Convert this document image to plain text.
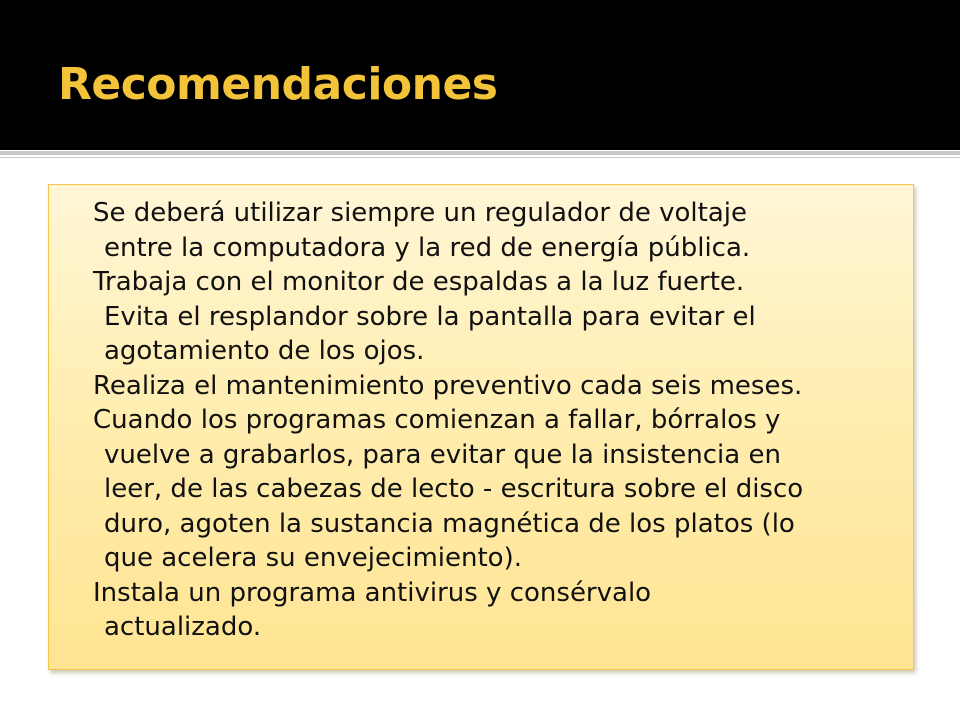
Recomendaciones

Se deberá utilizar siempre un regulador de voltaje
entre la computadora y la red de energía pública.

Trabaja con el monitor de espaldas a la luz fuerte.
Evita el resplandor sobre la pantalla para evitar el
agotamiento de los ojos.

Realiza el mantenimiento preventivo cada seis meses.

Cuando los programas comienzan a fallar, bórralos y
vuelve a grabarlos, para evitar que la insistencia en
leer, de las cabezas de lecto - escritura sobre el disco
duro, agoten la sustancia magnética de los platos (lo
que acelera su envejecimiento).

Instala un programa antivirus y consérvalo
actualizado.
